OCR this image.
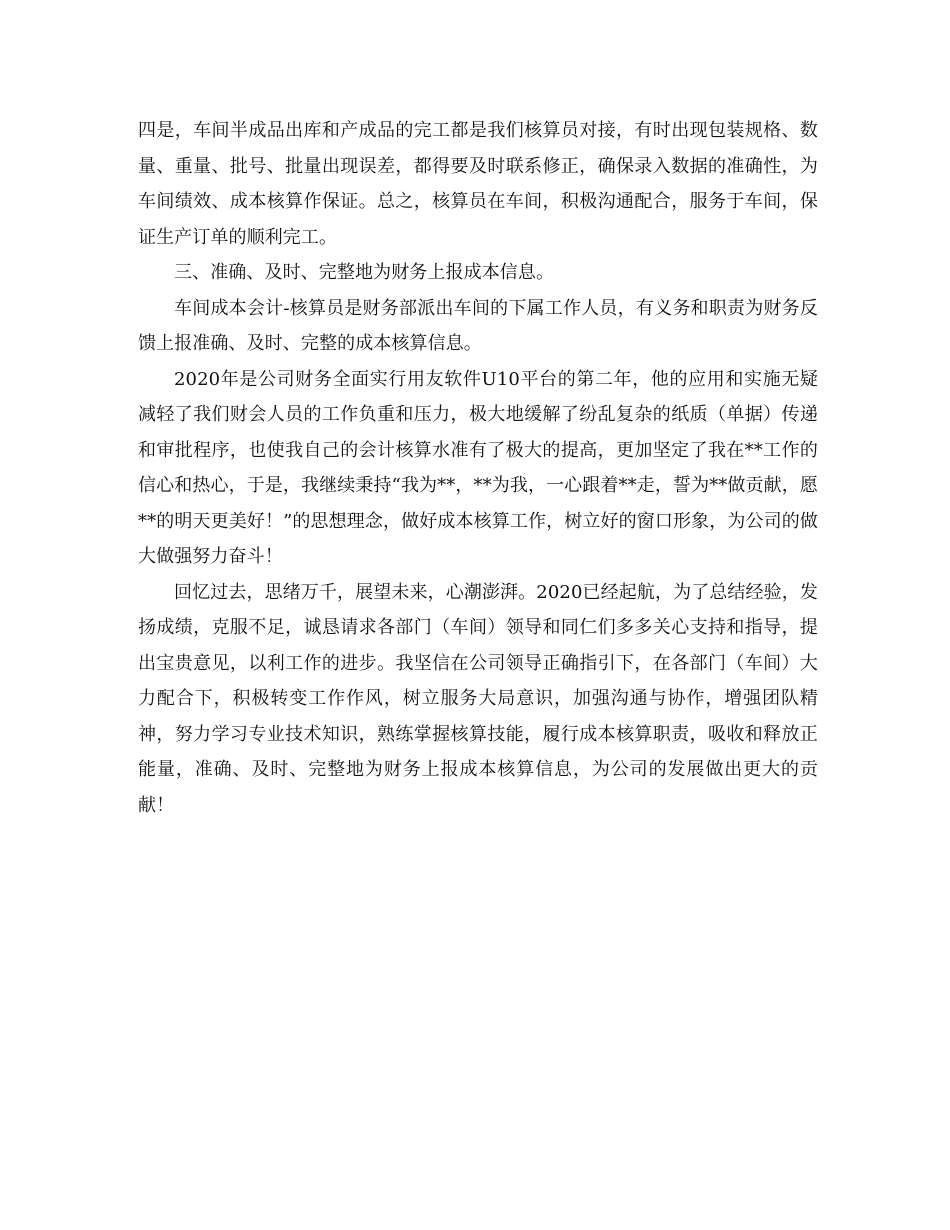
四是，车间半成品出库和产成品的完工都是我们核算员对接，有时出现包装规格、数量、重量、批号、批量出现误差，都得要及时联系修正，确保录入数据的准确性，为车间绩效、成本核算作保证。总之，核算员在车间，积极沟通配合，服务于车间，保证生产订单的顺利完工。

三、准确、及时、完整地为财务上报成本信息。

车间成本会计-核算员是财务部派出车间的下属工作人员，有义务和职责为财务反馈上报准确、及时、完整的成本核算信息。

2020年是公司财务全面实行用友软件U10平台的第二年，他的应用和实施无疑减轻了我们财会人员的工作负重和压力，极大地缓解了纷乱复杂的纸质（单据）传递和审批程序，也使我自己的会计核算水准有了极大的提高，更加坚定了我在**工作的信心和热心，于是，我继续秉持“我为**，**为我，一心跟着**走，誓为**做贡献，愿**的明天更美好！”的思想理念，做好成本核算工作，树立好的窗口形象，为公司的做大做强努力奋斗！

回忆过去，思绪万千，展望未来，心潮澎湃。2020已经起航，为了总结经验，发扬成绩，克服不足，诚恳请求各部门（车间）领导和同仁们多多关心支持和指导，提出宝贵意见，以利工作的进步。我坚信在公司领导正确指引下，在各部门（车间）大力配合下，积极转变工作作风，树立服务大局意识，加强沟通与协作，增强团队精神，努力学习专业技术知识，熟练掌握核算技能，履行成本核算职责，吸收和释放正能量，准确、及时、完整地为财务上报成本核算信息，为公司的发展做出更大的贡献！
